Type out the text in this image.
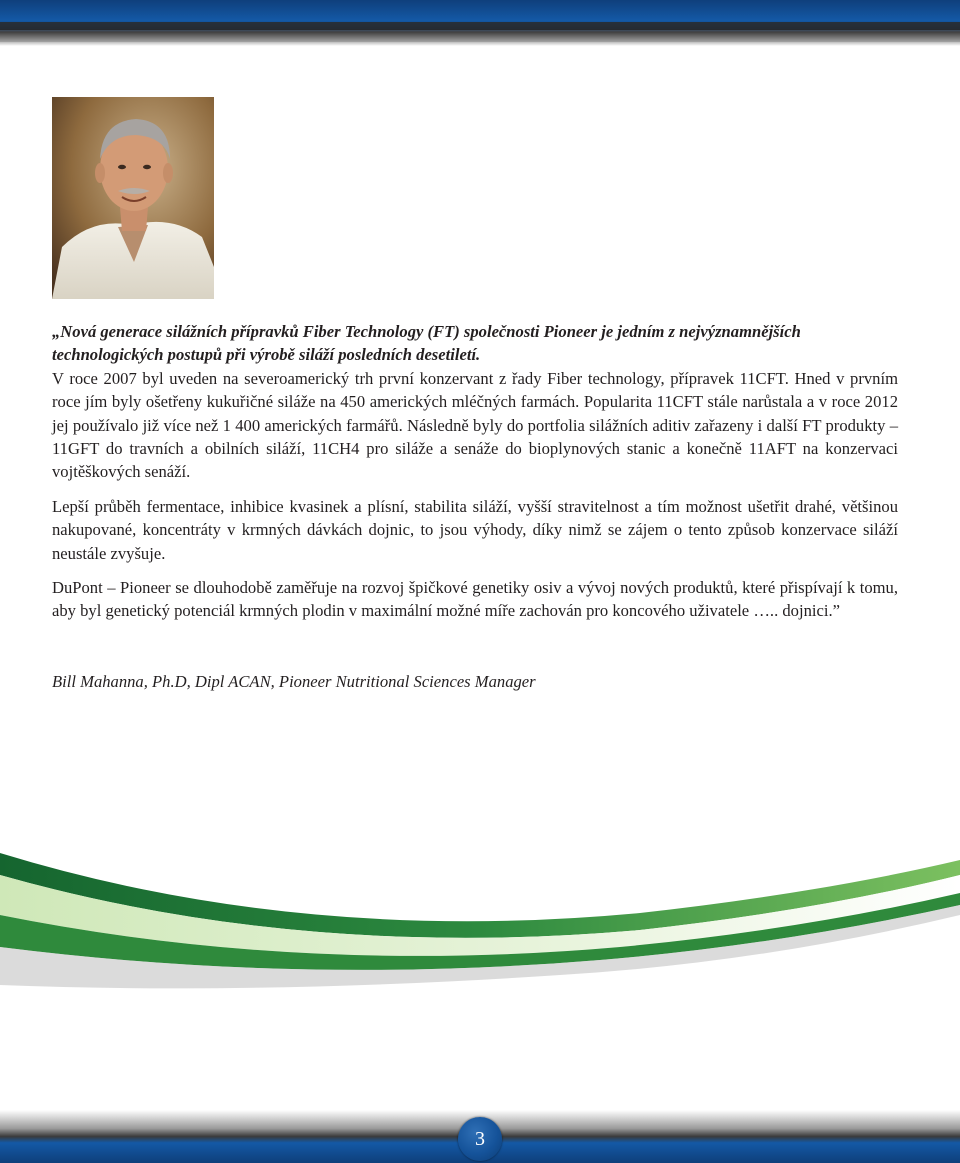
„Nová generace silážních přípravků Fiber Technology (FT) společnosti Pioneer je jedním z nejvýznamnějších technologických postupů při výrobě siláží posledních desetiletí.

V roce 2007 byl uveden na severoamerický trh první konzervant z řady Fiber technology, přípravek 11CFT. Hned v prvním roce jím byly ošetřeny kukuřičné siláže na 450 amerických mléčných farmách. Popularita 11CFT stále narůstala a v roce 2012 jej používalo již více než 1 400 amerických farmářů. Následně byly do portfolia silážních aditiv zařazeny i další FT produkty – 11GFT do travních a obilních siláží, 11CH4 pro siláže a senáže do bioplynových stanic a konečně 11AFT na konzervaci vojtěškových senáží.

Lepší průběh fermentace, inhibice kvasinek a plísní, stabilita siláží, vyšší stravitelnost a tím možnost ušetřit drahé, většinou nakupované, koncentráty v krmných dávkách dojnic, to jsou výhody, díky nimž se zájem o tento způsob konzervace siláží neustále zvyšuje.

DuPont – Pioneer se dlouhodobě zaměřuje na rozvoj špičkové genetiky osiv a vývoj nových produktů, které přispívají k tomu, aby byl genetický potenciál krmných plodin v maximální možné míře zachován pro koncového uživatele ….. dojnici.”

Bill Mahanna, Ph.D, Dipl ACAN, Pioneer Nutritional Sciences Manager
3
